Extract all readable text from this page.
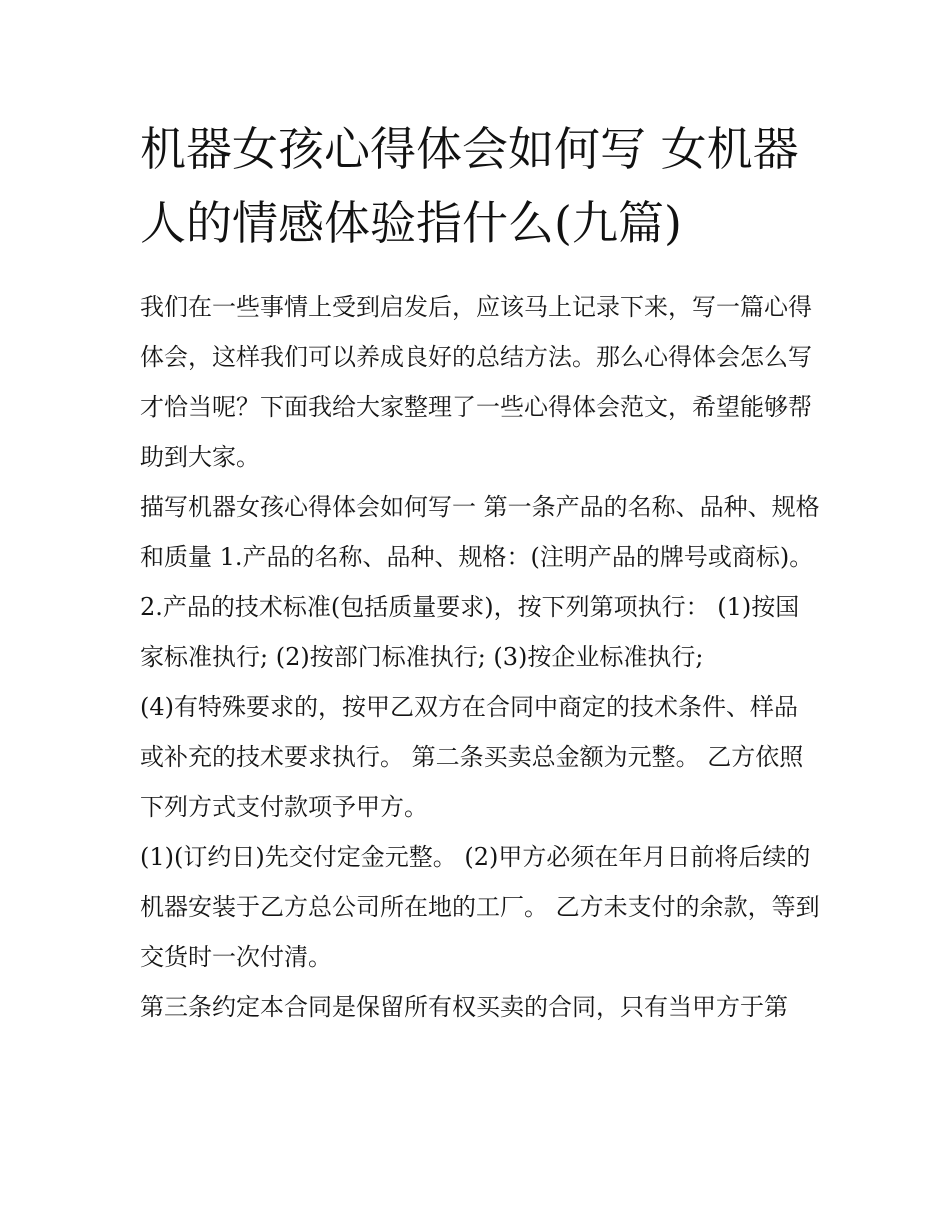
机器女孩心得体会如何写 女机器人的情感体验指什么(九篇)

我们在一些事情上受到启发后，应该马上记录下来，写一篇心得体会，这样我们可以养成良好的总结方法。那么心得体会怎么写才恰当呢？下面我给大家整理了一些心得体会范文，希望能够帮助到大家。

描写机器女孩心得体会如何写一 第一条产品的名称、品种、规格和质量 1.产品的名称、品种、规格：(注明产品的牌号或商标)。

2.产品的技术标准(包括质量要求)，按下列第项执行： (1)按国家标准执行; (2)按部门标准执行; (3)按企业标准执行;

(4)有特殊要求的，按甲乙双方在合同中商定的技术条件、样品或补充的技术要求执行。 第二条买卖总金额为元整。 乙方依照下列方式支付款项予甲方。

(1)(订约日)先交付定金元整。 (2)甲方必须在年月日前将后续的机器安装于乙方总公司所在地的工厂。 乙方未支付的余款，等到交货时一次付清。

第三条约定本合同是保留所有权买卖的合同，只有当甲方于第
